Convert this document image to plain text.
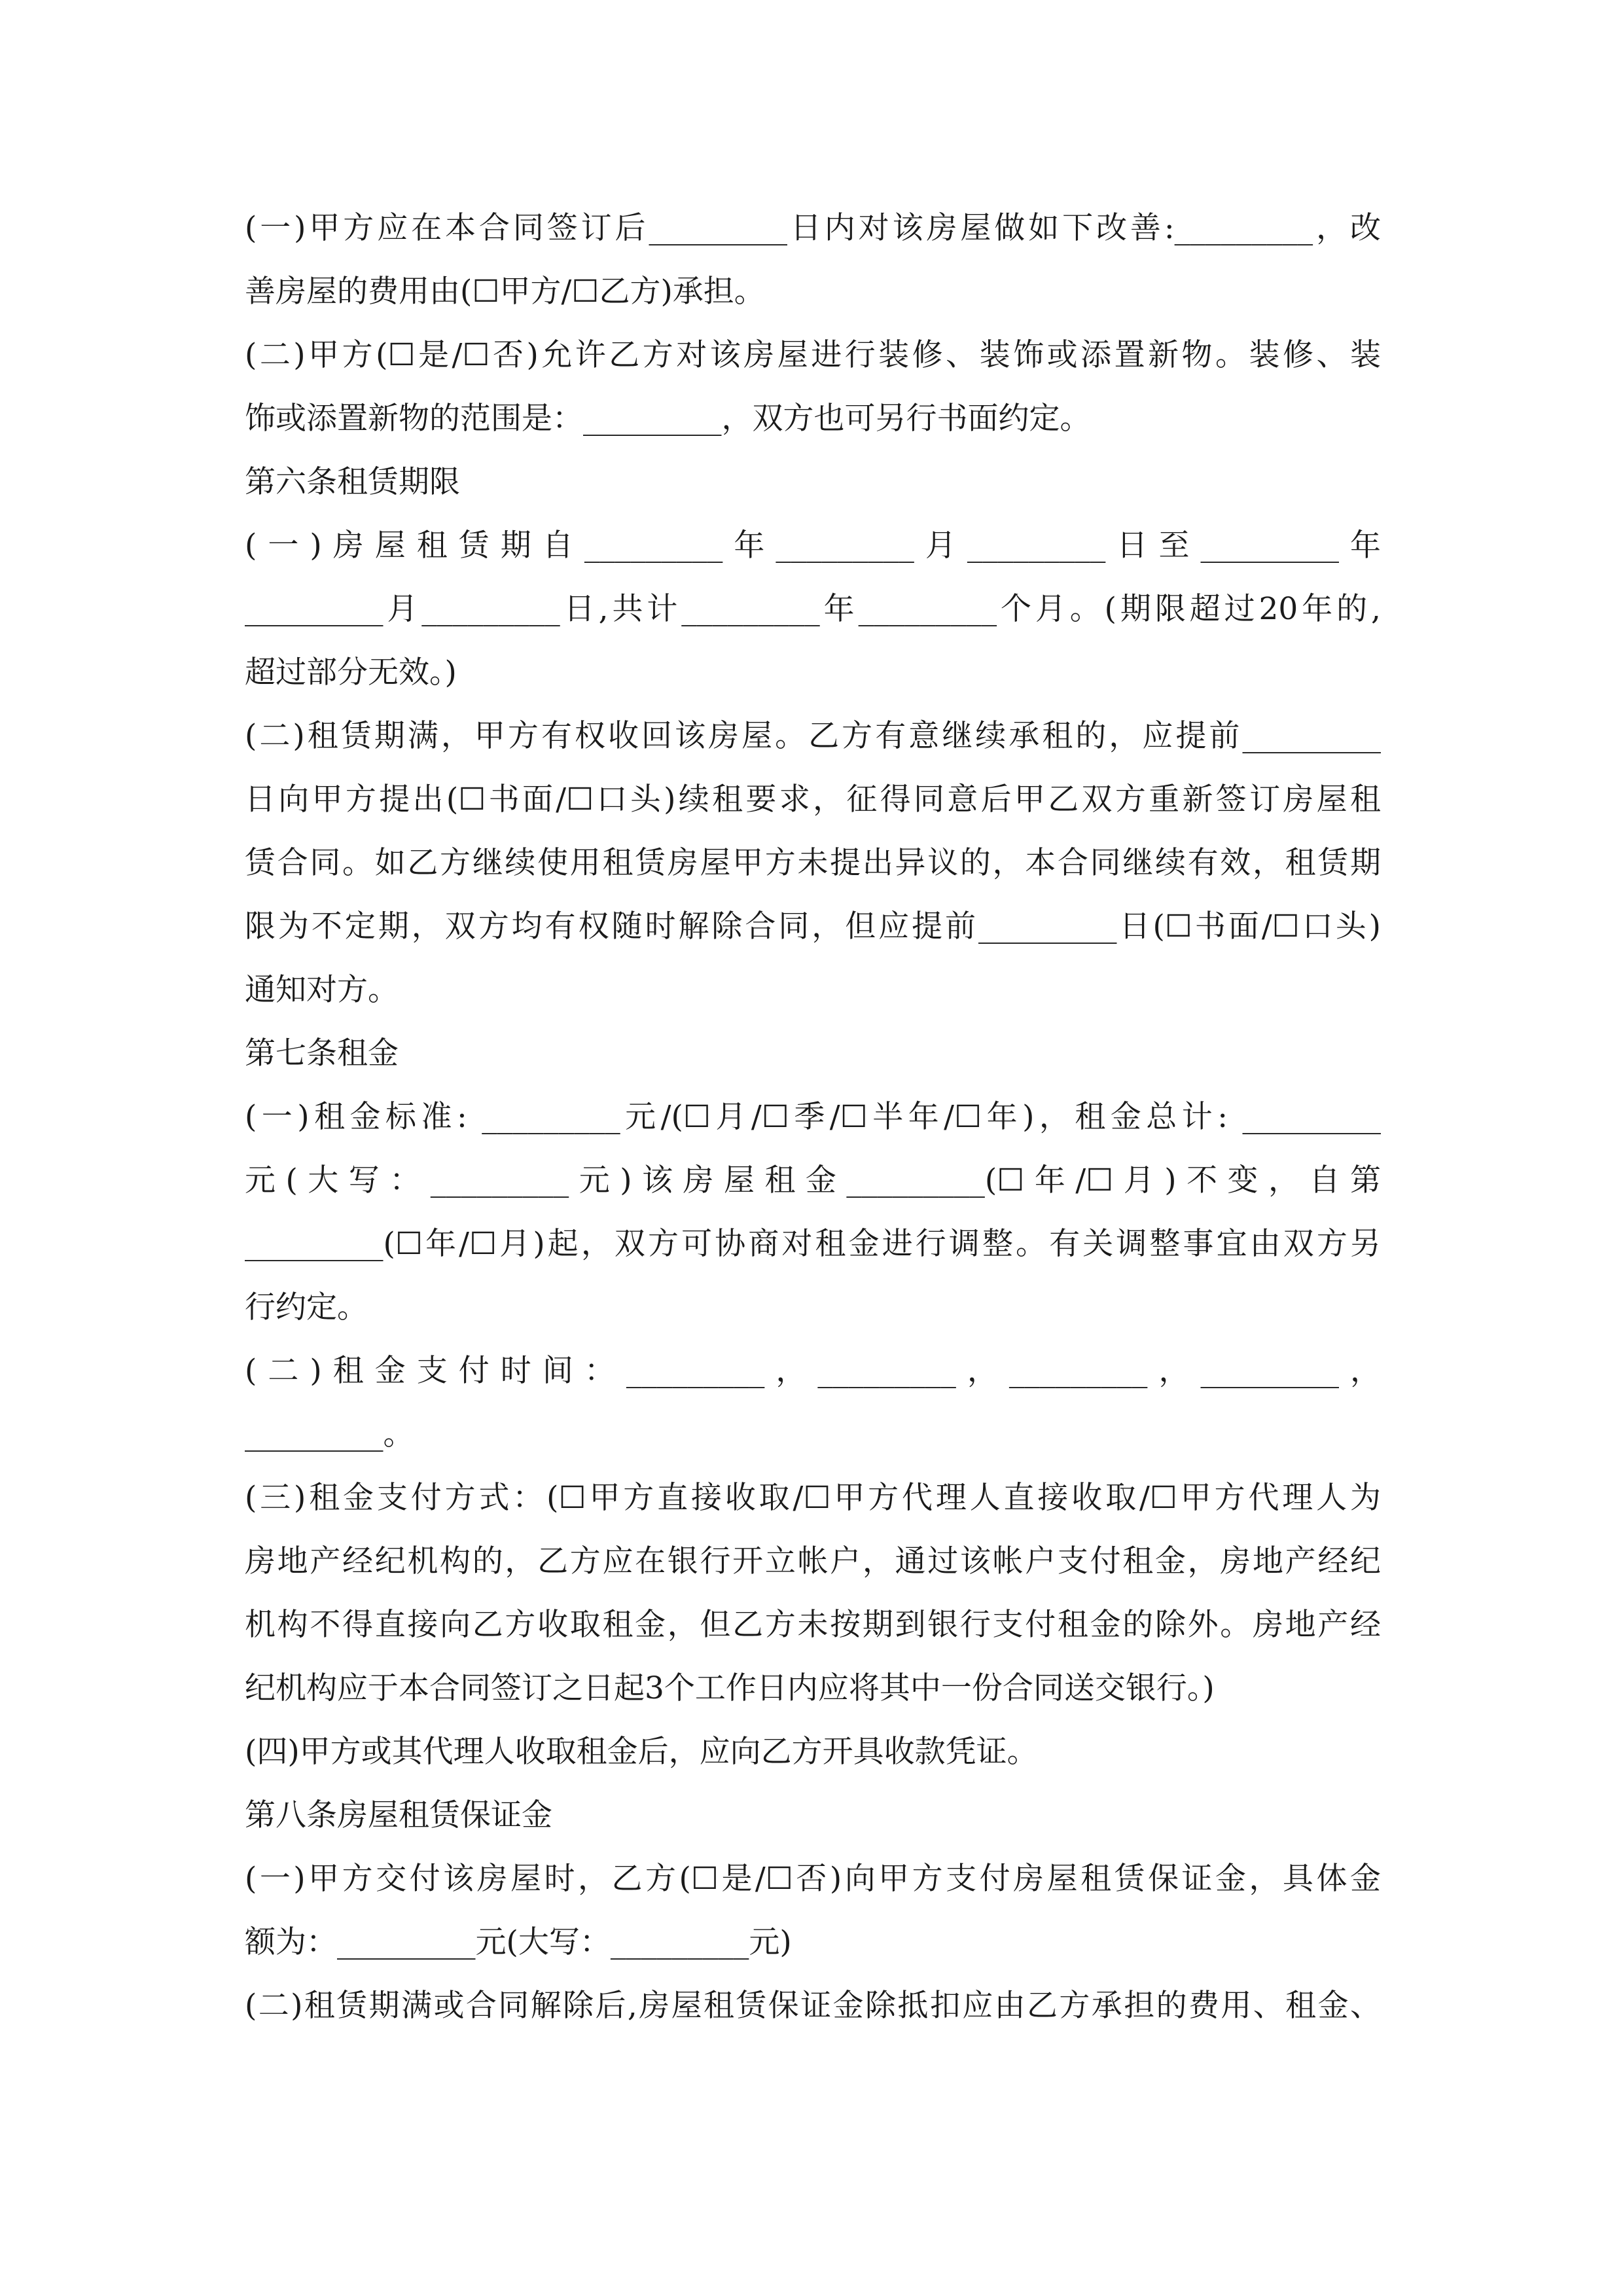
(一)甲方应在本合同签订后_________日内对该房屋做如下改善:_________，改
善房屋的费用由(☐甲方/☐乙方)承担。
(二)甲方(☐是/☐否)允许乙方对该房屋进行装修、装饰或添置新物。装修、装
饰或添置新物的范围是：_________，双方也可另行书面约定。
第六条租赁期限
(一)房屋租赁期自_________年_________月_________日至_________年
_________月_________日,共计_________年_________个月。(期限超过20年的,
超过部分无效。)
(二)租赁期满，甲方有权收回该房屋。乙方有意继续承租的，应提前_________
日向甲方提出(☐书面/☐口头)续租要求，征得同意后甲乙双方重新签订房屋租
赁合同。如乙方继续使用租赁房屋甲方未提出异议的，本合同继续有效，租赁期
限为不定期，双方均有权随时解除合同，但应提前_________日(☐书面/☐口头)
通知对方。
第七条租金
(一)租金标准: _________元/(☐月/☐季/☐半年/☐年)，租金总计: _________
元(大写：_________元)该房屋租金_________(☐年/☐月)不变，自第
_________(☐年/☐月)起，双方可协商对租金进行调整。有关调整事宜由双方另
行约定。
(二)租金支付时间：_________，_________，_________，_________，
_________。
(三)租金支付方式：(☐甲方直接收取/☐甲方代理人直接收取/☐甲方代理人为
房地产经纪机构的，乙方应在银行开立帐户，通过该帐户支付租金，房地产经纪
机构不得直接向乙方收取租金，但乙方未按期到银行支付租金的除外。房地产经
纪机构应于本合同签订之日起3个工作日内应将其中一份合同送交银行。)
(四)甲方或其代理人收取租金后，应向乙方开具收款凭证。
第八条房屋租赁保证金
(一)甲方交付该房屋时，乙方(☐是/☐否)向甲方支付房屋租赁保证金，具体金
额为：_________元(大写：_________元)
(二)租赁期满或合同解除后,房屋租赁保证金除抵扣应由乙方承担的费用、租金、
